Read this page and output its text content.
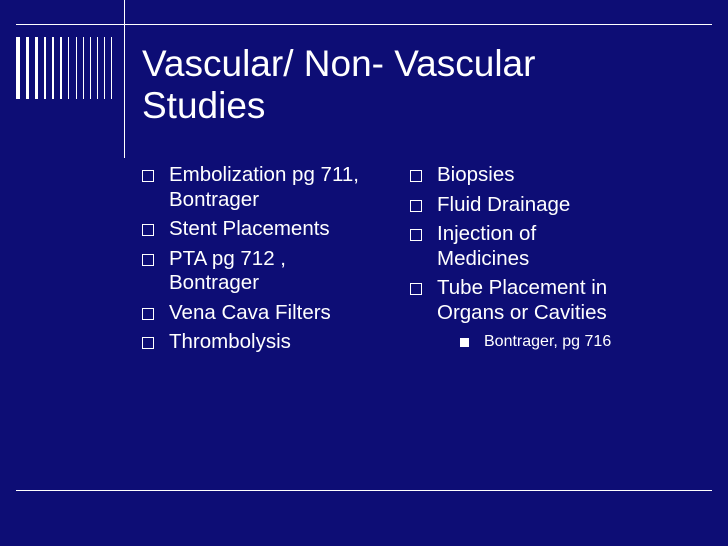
Vascular/ Non- Vascular
Studies
Embolization pg 711,
Bontrager
Stent Placements
PTA pg 712 ,
Bontrager
Vena Cava Filters
Thrombolysis
Biopsies
Fluid Drainage
Injection of
Medicines
Tube Placement in
Organs or Cavities
Bontrager, pg 716
